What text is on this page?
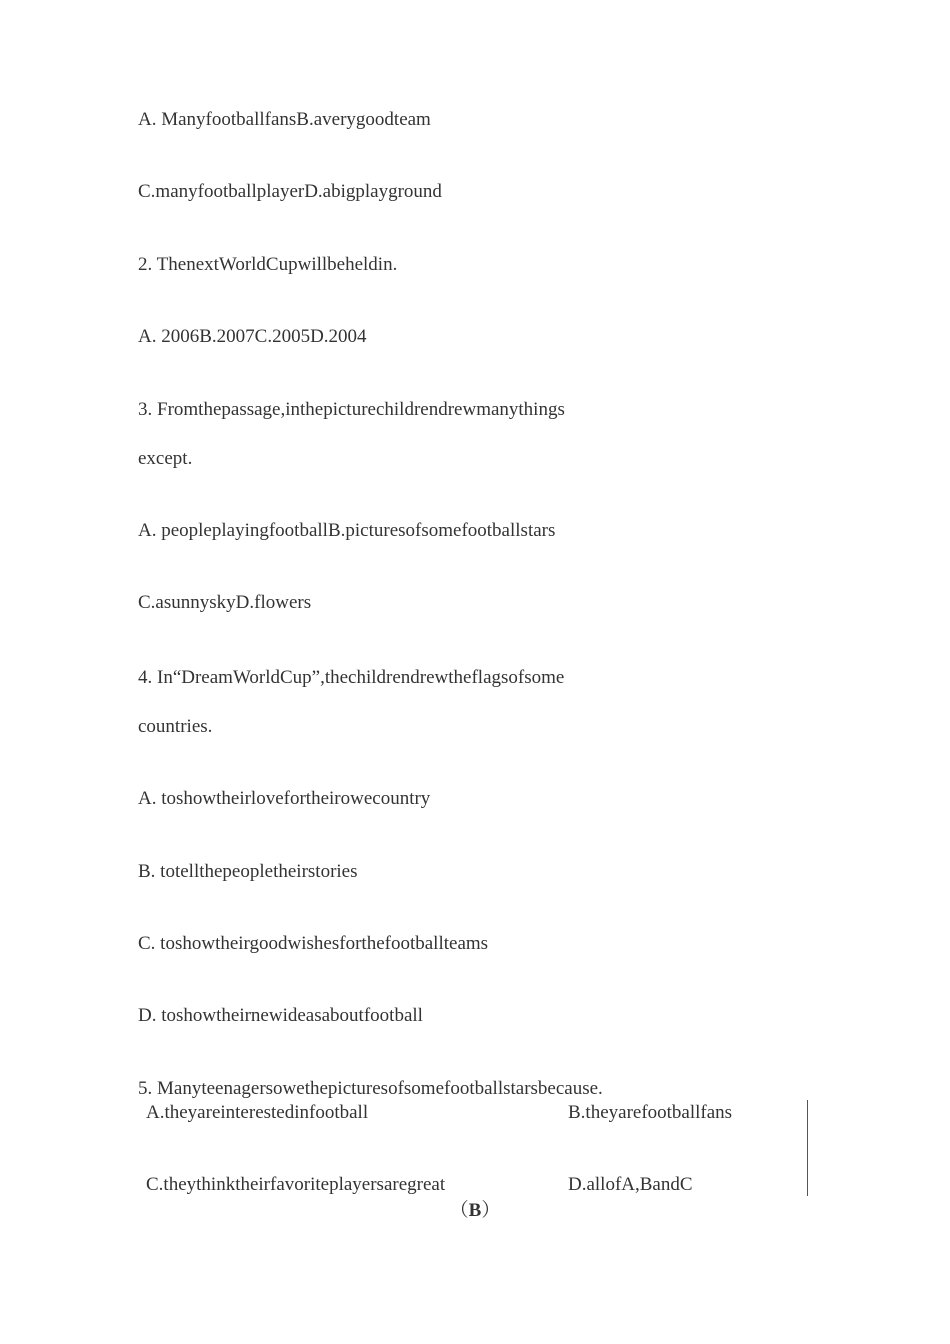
A. ManyfootballfansB.averygoodteam
C.manyfootballplayerD.abigplayground
2. ThenextWorldCupwillbeheldin.
A. 2006B.2007C.2005D.2004
3. Fromthepassage,inthepicturechildrendrewmanythings
except.
A. peopleplayingfootballB.picturesofsomefootballstars
C.asunnyskyD.flowers
4. In“DreamWorldCup”,thechildrendrewtheflagsofsome
countries.
A. toshowtheirlovefortheirowecountry
B. totellthepeopletheirstories
C. toshowtheirgoodwishesforthefootballteams
D. toshowtheirnewideasaboutfootball
5. Manyteenagersowethepicturesofsomefootballstarsbecause.
A.theyareinterestedinfootball	B.theyarefootballfans
C.theythinktheirfavoriteplayersaregreat	D.allofA,BandC
（B）
